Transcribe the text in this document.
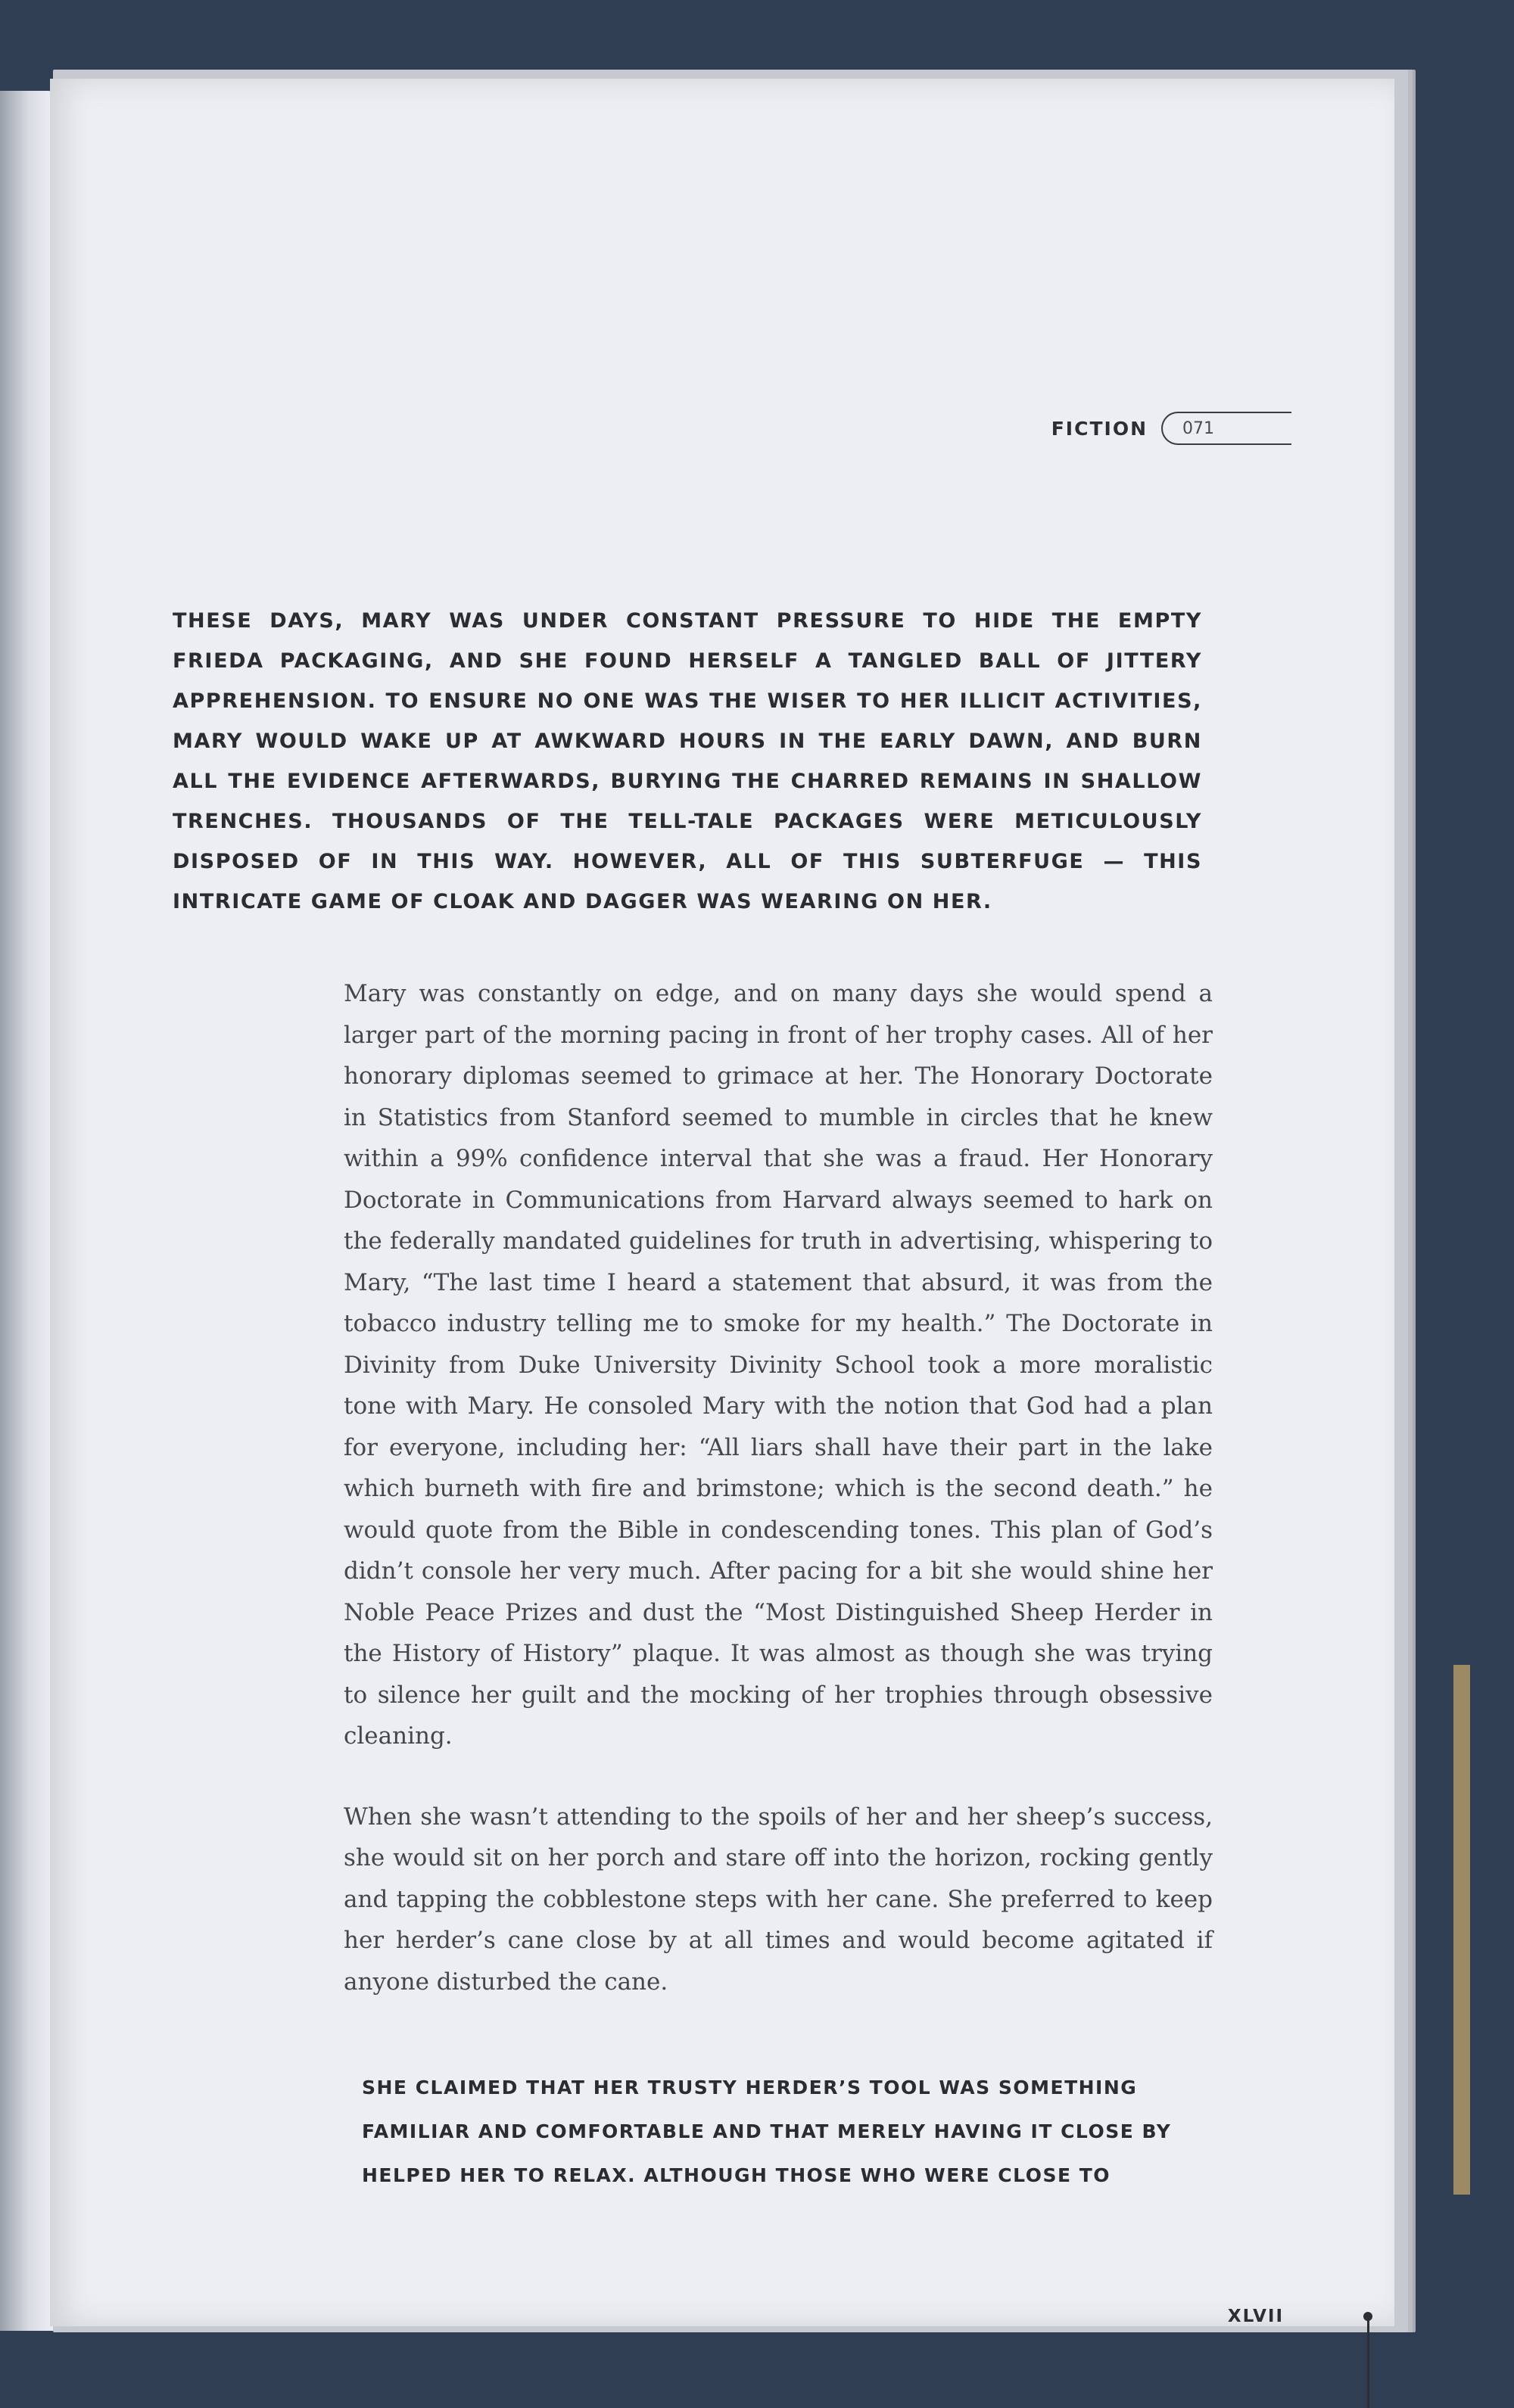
FICTION 071

THESE DAYS, MARY WAS UNDER CONSTANT PRESSURE TO HIDE THE EMPTY FRIEDA PACKAGING, AND SHE FOUND HERSELF A TANGLED BALL OF JITTERY APPREHENSION. TO ENSURE NO ONE WAS THE WISER TO HER ILLICIT ACTIVITIES, MARY WOULD WAKE UP AT AWKWARD HOURS IN THE EARLY DAWN, AND BURN ALL THE EVIDENCE AFTERWARDS, BURYING THE CHARRED REMAINS IN SHALLOW TRENCHES. THOUSANDS OF THE TELL-TALE PACKAGES WERE METICULOUSLY DISPOSED OF IN THIS WAY. HOWEVER, ALL OF THIS SUBTERFUGE — THIS INTRICATE GAME OF CLOAK AND DAGGER WAS WEARING ON HER.

Mary was constantly on edge, and on many days she would spend a larger part of the morning pacing in front of her trophy cases. All of her honorary diplomas seemed to grimace at her. The Honorary Doctorate in Statistics from Stanford seemed to mumble in circles that he knew within a 99% confidence interval that she was a fraud. Her Honorary Doctorate in Communications from Harvard always seemed to hark on the federally mandated guidelines for truth in advertising, whispering to Mary, “The last time I heard a statement that absurd, it was from the tobacco industry telling me to smoke for my health.” The Doctorate in Divinity from Duke University Divinity School took a more moralistic tone with Mary. He consoled Mary with the notion that God had a plan for everyone, including her: “All liars shall have their part in the lake which burneth with fire and brimstone; which is the second death.” he would quote from the Bible in condescending tones. This plan of God’s didn’t console her very much. After pacing for a bit she would shine her Noble Peace Prizes and dust the “Most Distinguished Sheep Herder in the History of History” plaque. It was almost as though she was trying to silence her guilt and the mocking of her trophies through obsessive cleaning.

When she wasn’t attending to the spoils of her and her sheep’s success, she would sit on her porch and stare off into the horizon, rocking gently and tapping the cobblestone steps with her cane. She preferred to keep her herder’s cane close by at all times and would become agitated if anyone disturbed the cane.

SHE CLAIMED THAT HER TRUSTY HERDER’S TOOL WAS SOMETHING FAMILIAR AND COMFORTABLE AND THAT MERELY HAVING IT CLOSE BY HELPED HER TO RELAX. ALTHOUGH THOSE WHO WERE CLOSE TO

XLVII
